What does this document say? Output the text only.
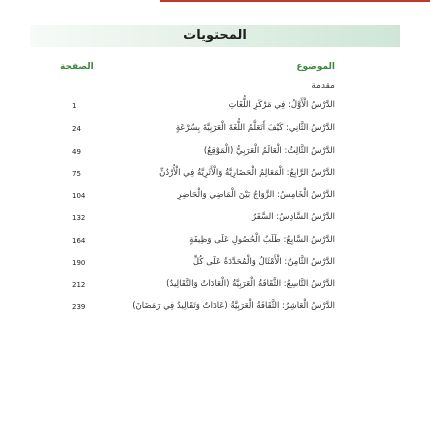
المحتويات
الموضوع
الصفحة
مقدمة
1	الدَّرْسُ الْأَوَّلُ: فِي مَرْكَزِ اللُّغَاتِ
24	الدَّرْسُ الثَّانِي: كَيْفَ أَتَعَلَّمُ اللُّغَةَ الْعَرَبِيَّةَ بِسُرْعَةٍ
49	الدَّرْسُ الثَّالِثُ: الْعَالَمُ الْعَرَبِيُّ (الْمَوْقِعُ)
75	الدَّرْسُ الرَّابِعُ: الْمَعَالِمُ الْحَضَارِيَّةُ وَالْأَثَرِيَّةُ فِي الْأُرْدُنِّ
104	الدَّرْسُ الْخَامِسُ: الزَّوَاجُ بَيْنَ الْمَاضِي وَالْحَاضِرِ
132	الدَّرْسُ السَّادِسُ: السَّفَرُ
164	الدَّرْسُ السَّابِعُ: طَلَبُ الْحُصُولِ عَلَى وَظِيفَةٍ
190	الدَّرْسُ الثَّامِنُ: الْأَمْثَالُ وَالْمُحَدَّدَةُ عَلَى كُلِّ
212	الدَّرْسُ التَّاسِعُ: الثَّقَافَةُ الْعَرَبِيَّةُ (الْعَادَاتُ وَالتَّقَالِيدُ)
239	الدَّرْسُ الْعَاشِرُ: الثَّقَافَةُ الْعَرَبِيَّةُ (عَادَاتٌ وَتَقَالِيدُ فِي رَمَضَانَ)
